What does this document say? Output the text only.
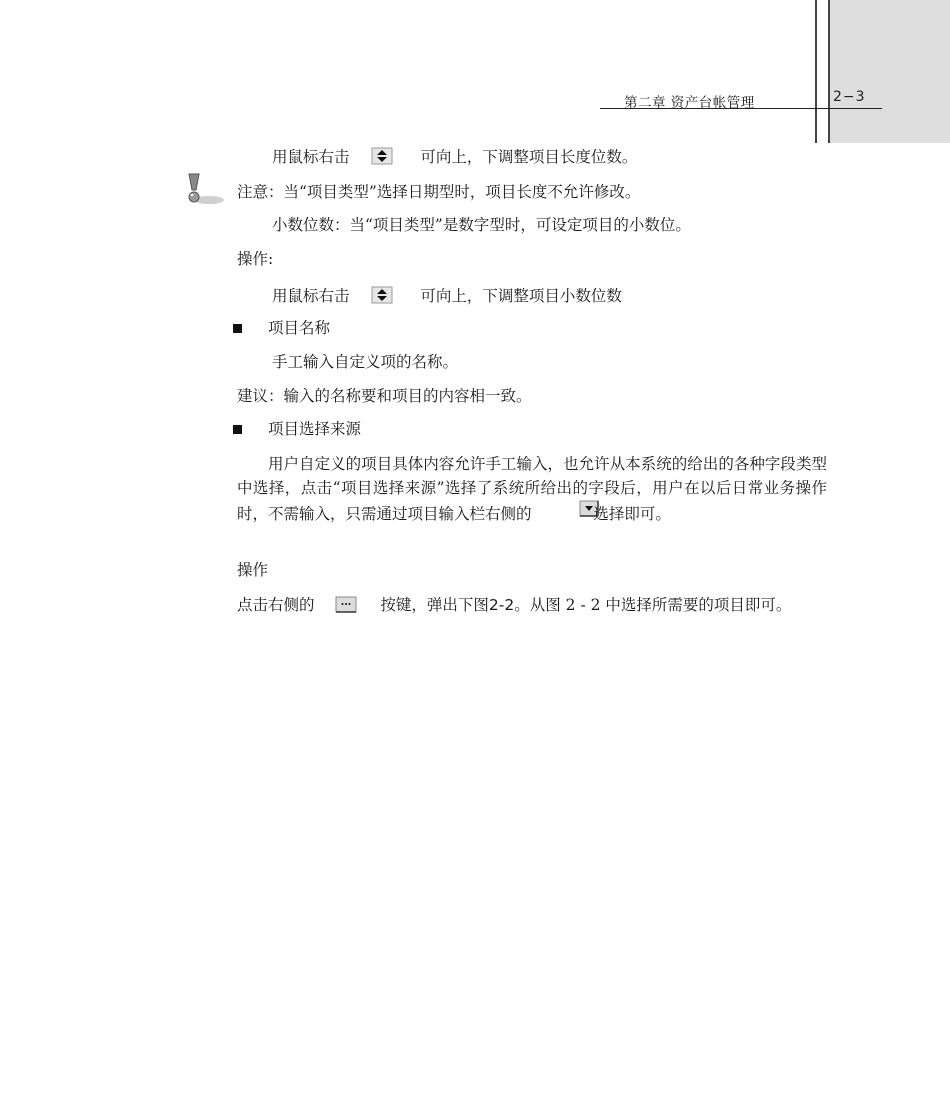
第二章 资产台帐管理	2−3
用鼠标右击	可向上，下调整项目长度位数。
注意：当“项目类型”选择日期型时，项目长度不允许修改。
小数位数：当“项目类型”是数字型时，可设定项目的小数位。
操作:
用鼠标右击	可向上，下调整项目小数位数
项目名称
手工输入自定义项的名称。
建议：输入的名称要和项目的内容相一致。
项目选择来源
用户自定义的项目具体内容允许手工输入，也允许从本系统的给出的各种字段类型中选择，点击“项目选择来源”选择了系统所给出的字段后，用户在以后日常业务操作时，不需输入，只需通过项目输入栏右侧的	选择即可。
操作
点击右侧的	按键，弹出下图2-2。从图 2 - 2 中选择所需要的项目即可。
